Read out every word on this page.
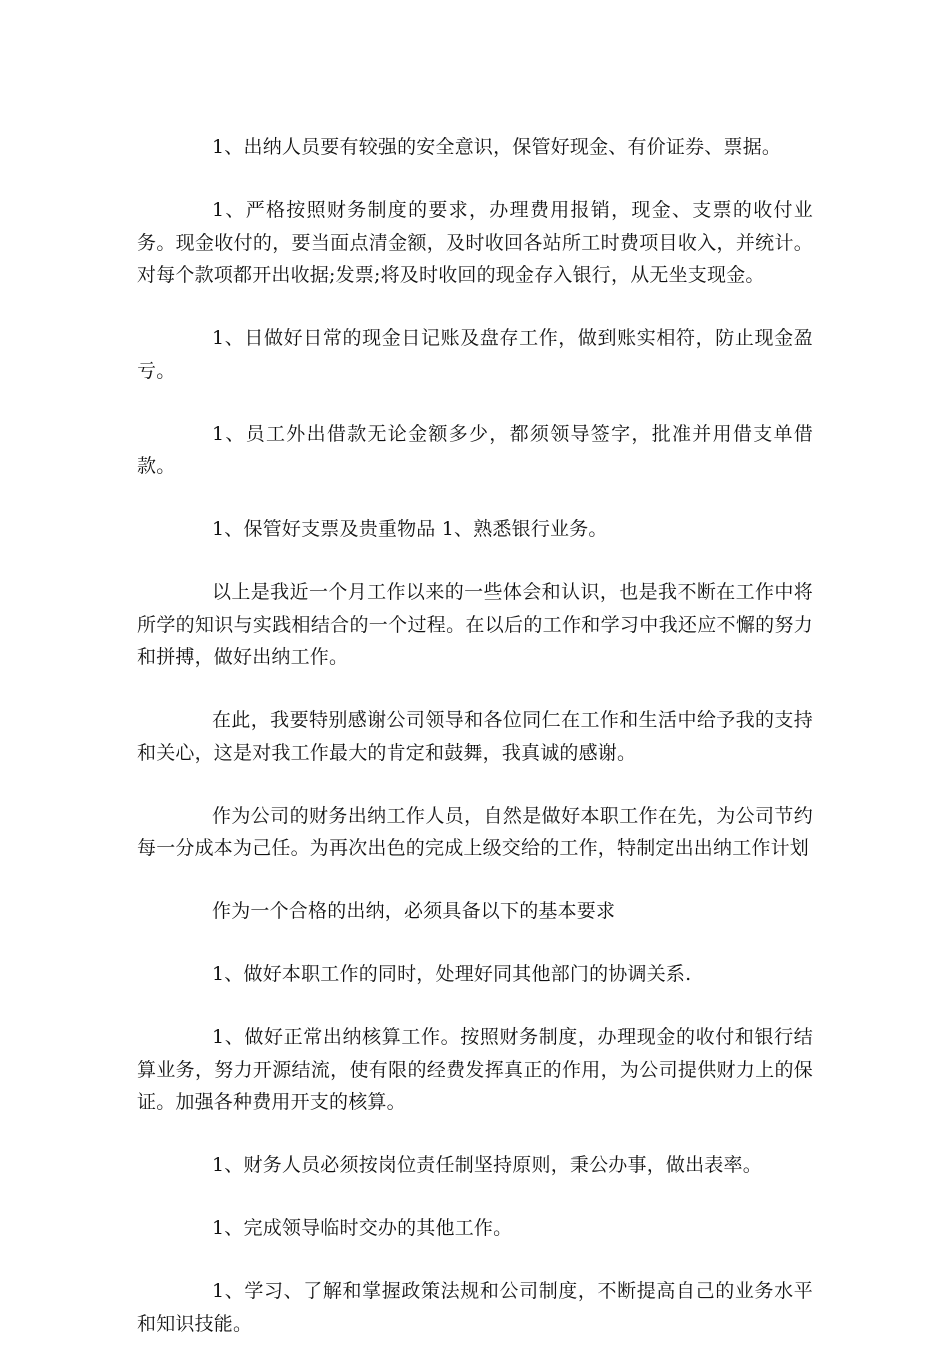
1、出纳人员要有较强的安全意识，保管好现金、有价证券、票据。

1、严格按照财务制度的要求，办理费用报销，现金、支票的收付业务。现金收付的，要当面点清金额，及时收回各站所工时费项目收入，并统计。对每个款项都开出收据;发票;将及时收回的现金存入银行，从无坐支现金。

1、日做好日常的现金日记账及盘存工作，做到账实相符，防止现金盈亏。

1、员工外出借款无论金额多少，都须领导签字，批准并用借支单借款。

1、保管好支票及贵重物品 1、熟悉银行业务。

以上是我近一个月工作以来的一些体会和认识，也是我不断在工作中将所学的知识与实践相结合的一个过程。在以后的工作和学习中我还应不懈的努力和拼搏，做好出纳工作。

在此，我要特别感谢公司领导和各位同仁在工作和生活中给予我的支持和关心，这是对我工作最大的肯定和鼓舞，我真诚的感谢。

作为公司的财务出纳工作人员，自然是做好本职工作在先，为公司节约每一分成本为己任。为再次出色的完成上级交给的工作，特制定出出纳工作计划

作为一个合格的出纳，必须具备以下的基本要求

1、做好本职工作的同时，处理好同其他部门的协调关系.

1、做好正常出纳核算工作。按照财务制度，办理现金的收付和银行结算业务，努力开源结流，使有限的经费发挥真正的作用，为公司提供财力上的保证。加强各种费用开支的核算。

1、财务人员必须按岗位责任制坚持原则，秉公办事，做出表率。

1、完成领导临时交办的其他工作。

1、学习、了解和掌握政策法规和公司制度，不断提高自己的业务水平和知识技能。
